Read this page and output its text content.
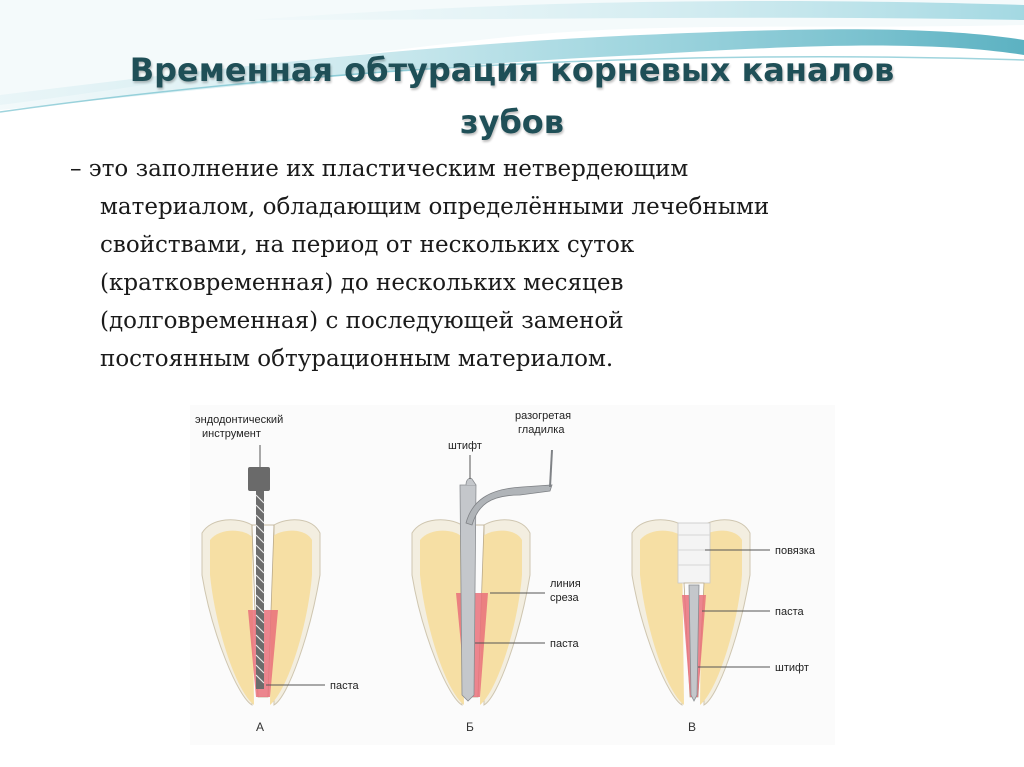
Временная обтурация корневых каналов
зубов
– это заполнение их пластическим нетвердеющим
материалом, обладающим определёнными лечебными
свойствами, на период от нескольких суток
(кратковременная) до нескольких месяцев
(долговременная) с последующей заменой
постоянным обтурационным материалом.
эндодонтический
инструмент
паста
А
штифт
разогретая
гладилка
линия
среза
паста
Б
повязка
паста
штифт
В
